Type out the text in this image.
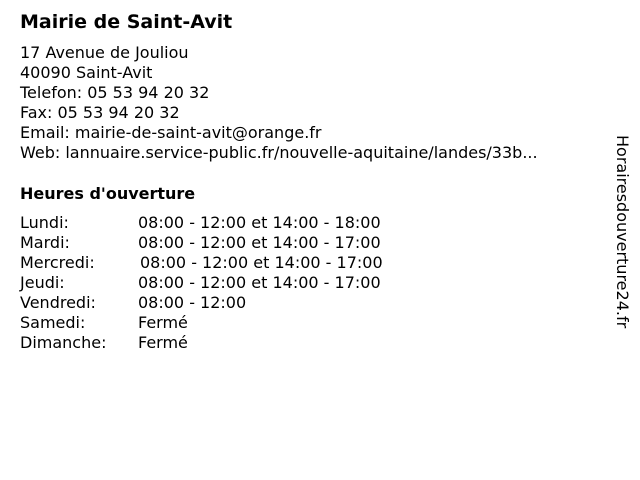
Mairie de Saint-Avit
17 Avenue de Jouliou
40090 Saint-Avit
Telefon: 05 53 94 20 32
Fax: 05 53 94 20 32
Email: mairie-de-saint-avit@orange.fr
Web: lannuaire.service-public.fr/nouvelle-aquitaine/landes/33b...
Heures d'ouverture
Lundi:	08:00 - 12:00 et 14:00 - 18:00
Mardi:	08:00 - 12:00 et 14:00 - 17:00
Mercredi:	08:00 - 12:00 et 14:00 - 17:00
Jeudi:	08:00 - 12:00 et 14:00 - 17:00
Vendredi:	08:00 - 12:00
Samedi:	Fermé
Dimanche: Fermé
Horairesdouverture24.fr
